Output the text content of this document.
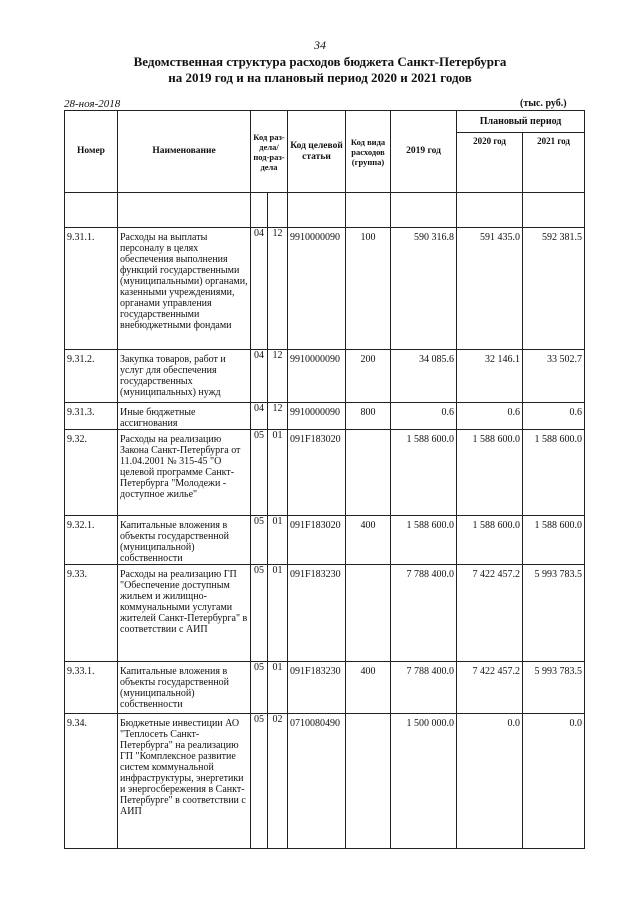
34
Ведомственная структура расходов бюджета Санкт-Петербурга
на 2019 год и на плановый период 2020 и 2021 годов
28-ноя-2018	(тыс. руб.)
Номер	Наименование	Код раз-дела/под-раз-дела		Код целевой статьи	Код вида расходов (группа)	2019 год	Плановый период	
							2020 год	2021 год

9.31.1.	Расходы на выплаты персоналу в целях обеспечения выполнения функций государственными (муниципальными) органами, казенными учреждениями, органами управления государственными внебюджетными фондами	04	12	9910000090	100	590 316.8	591 435.0	592 381.5
9.31.2.	Закупка товаров, работ и услуг для обеспечения государственных (муниципальных) нужд	04	12	9910000090	200	34 085.6	32 146.1	33 502.7
9.31.3.	Иные бюджетные ассигнования	04	12	9910000090	800	0.6	0.6	0.6
9.32.	Расходы на реализацию Закона Санкт-Петербурга от 11.04.2001 № 315-45 "О целевой программе Санкт-Петербурга "Молодежи - доступное жилье"	05	01	091F183020		1 588 600.0	1 588 600.0	1 588 600.0
9.32.1.	Капитальные вложения в объекты государственной (муниципальной) собственности	05	01	091F183020	400	1 588 600.0	1 588 600.0	1 588 600.0
9.33.	Расходы на реализацию ГП "Обеспечение доступным жильем и жилищно-коммунальными услугами жителей Санкт-Петербурга" в соответствии с АИП	05	01	091F183230		7 788 400.0	7 422 457.2	5 993 783.5
9.33.1.	Капитальные вложения в объекты государственной (муниципальной) собственности	05	01	091F183230	400	7 788 400.0	7 422 457.2	5 993 783.5
9.34.	Бюджетные инвестиции АО "Теплосеть Санкт-Петербурга" на реализацию ГП "Комплексное развитие систем коммунальной инфраструктуры, энергетики и энергосбережения в Санкт-Петербурге" в соответствии с АИП	05	02	0710080490		1 500 000.0	0.0	0.0
